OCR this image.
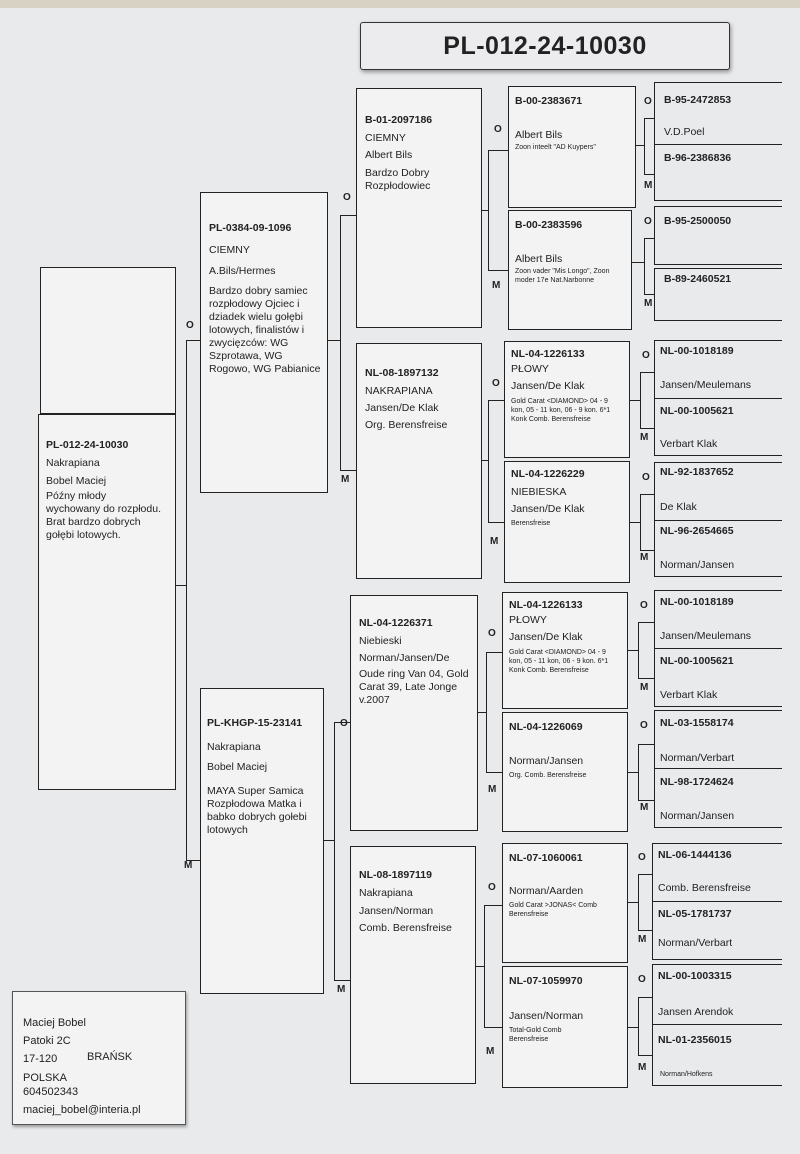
PL-012-24-10030
PL-012-24-10030
Nakrapiana
Bobel Maciej
Późny młody wychowany do rozpłodu. Brat bardzo dobrych gołębi lotowych.
PL-0384-09-1096
CIEMNY
A.Bils/Hermes
Bardzo dobry samiec rozpłodowy Ojciec i dziadek wielu gołębi lotowych, finalistów i zwycięzców: WG Szprotawa, WG Rogowo, WG Pabianice
O
M
PL-KHGP-15-23141
Nakrapiana
Bobel Maciej
MAYA Super Samica Rozpłodowa Matka i babko dobrych gołebi lotowych
B-01-2097186
CIEMNY
Albert Bils
Bardzo Dobry Rozpłodowiec
O
M
NL-08-1897132
NAKRAPIANA
Jansen/De Klak
Org. Berensfreise
NL-04-1226371
Niebieski
Norman/Jansen/De
Oude ring Van 04, Gold Carat 39, Late Jonge v.2007
O
M
NL-08-1897119
Nakrapiana
Jansen/Norman
Comb. Berensfreise
O
M
B-00-2383671
Albert Bils
Zoon inteelt "AD Kuypers"
B-00-2383596
Albert Bils
Zoon vader "Mis Longo", Zoon moder 17e Nat.Narbonne
O
M
NL-04-1226133
PŁOWY
Jansen/De Klak
Gold Carat <DIAMOND> 04 - 9 kon, 05 - 11 kon, 06 - 9 kon. 6*1 Konk Comb. Berensfreise
NL-04-1226229
NIEBIESKA
Jansen/De Klak
Berensfreise
O
M
NL-04-1226133
PŁOWY
Jansen/De Klak
Gold Carat <DIAMOND> 04 - 9 kon, 05 - 11 kon, 06 - 9 kon. 6*1 Konk Comb. Berensfreise
NL-04-1226069
Norman/Jansen
Org. Comb. Berensfreise
O
M
NL-07-1060061
Norman/Aarden
Gold Carat >JONAS< Comb Berensfreise
NL-07-1059970
Jansen/Norman
Total-Gold Comb Berensfreise
O
M
B-95-2472853
V.D.Poel
B-96-2386836
O
M
B-95-2500050
B-89-2460521
O
M
NL-00-1018189
Jansen/Meulemans
NL-00-1005621
Verbart Klak
O
M
NL-92-1837652
De Klak
NL-96-2654665
Norman/Jansen
O
M
NL-00-1018189
Jansen/Meulemans
NL-00-1005621
Verbart Klak
O
M
NL-03-1558174
Norman/Verbart
NL-98-1724624
Norman/Jansen
O
M
NL-06-1444136
Comb. Berensfreise
NL-05-1781737
Norman/Verbart
O
M
NL-00-1003315
Jansen Arendok
NL-01-2356015
Norman/Hofkens
Maciej Bobel
Patoki 2C
17-120	BRAŃSK
POLSKA
604502343
maciej_bobel@interia.pl
